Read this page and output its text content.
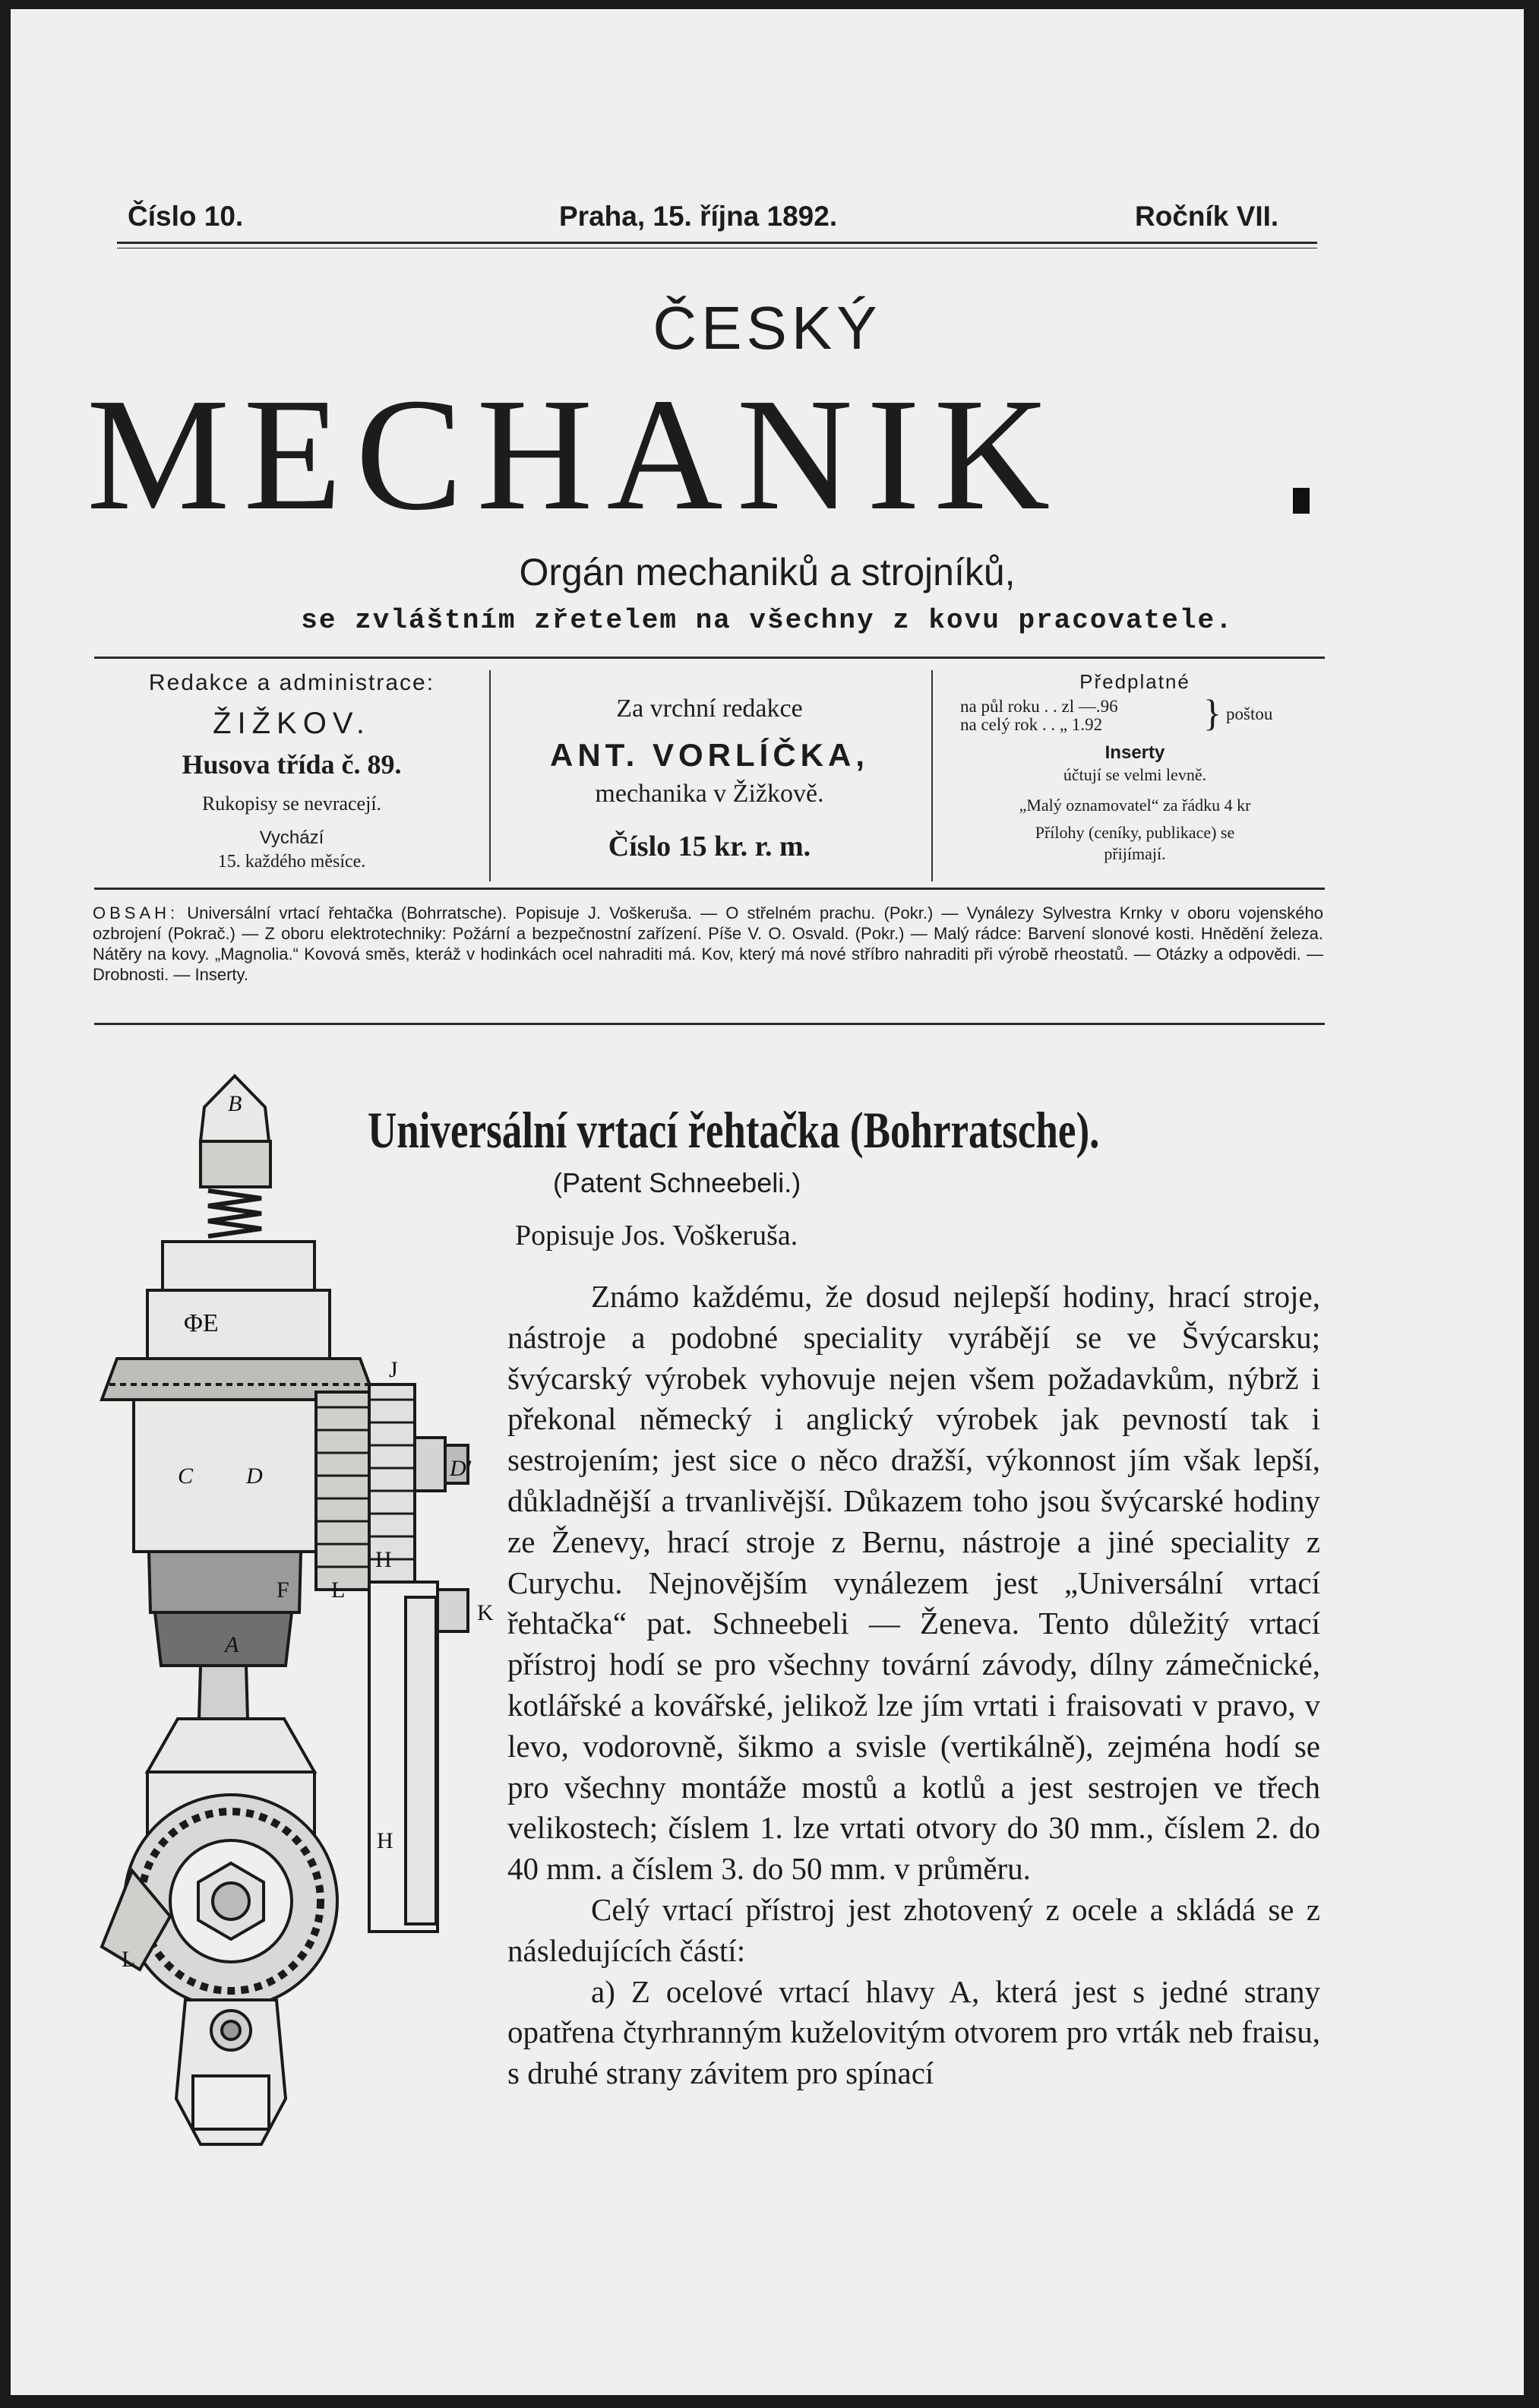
Číslo 10.	Praha, 15. října 1892.	Ročník VII.
ČESKÝ
MECHANIK
Orgán mechaniků a strojníků,
se zvláštním zřetelem na všechny z kovu pracovatele.
Redakce a administrace:
ŽIŽKOV.
Husova třída č. 89.
Rukopisy se nevracejí.
Vychází
15. každého měsíce.
Za vrchní redakce
ANT. VORLÍČKA,
mechanika v Žižkově.
Číslo 15 kr. r. m.
Předplatné
na půl roku . . zl —.96
na celý rok . . „ 1.92	} poštou
Inserty
účtují se velmi levně.
„Malý oznamovatel“ za řádku 4 kr
Přílohy (ceníky, publikace) se
přijímají.
OBSAH: Universální vrtací řehtačka (Bohrratsche). Popisuje J. Voškeruša. — O střelném prachu. (Pokr.) — Vynálezy Sylvestra Krnky v oboru vojenského ozbrojení (Pokrač.) — Z oboru elektrotechniky: Požární a bezpečnostní zařízení. Píše V. O. Osvald. (Pokr.) — Malý rádce: Barvení slonové kosti. Hnědění železa. Nátěry na kovy. „Magnolia.“ Kovová směs, kteráž v hodinkách ocel nahraditi má. Kov, který má nové stříbro nahraditi při výrobě rheostatů. — Otázky a odpovědi. — Drobnosti. — Inserty.
B
ΦE
J
C D	D'
F L
H
H
A
K
L
Universální vrtací řehtačka (Bohrratsche).
(Patent Schneebeli.)
Popisuje Jos. Voškeruša.

Známo každému, že dosud nejlepší hodiny, hrací stroje, nástroje a podobné speciality vyrábějí se ve Švýcarsku; švýcarský výrobek vyhovuje nejen všem požadavkům, nýbrž i překonal německý i anglický výrobek jak pevností tak i sestrojením; jest sice o něco dražší, výkonnost jím však lepší, důkladnější a trvanlivější. Důkazem toho jsou švýcarské hodiny ze Ženevy, hrací stroje z Bernu, nástroje a jiné speciality z Curychu. Nejnovějším vynálezem jest „Universální vrtací řehtačka“ pat. Schneebeli — Ženeva. Tento důležitý vrtací přístroj hodí se pro všechny tovární závody, dílny zámečnické, kotlářské a kovářské, jelikož lze jím vrtati i fraisovati v pravo, v levo, vodorovně, šikmo a svisle (vertikálně), zejména hodí se pro všechny montáže mostů a kotlů a jest sestrojen ve třech velikostech; číslem 1. lze vrtati otvory do 30 mm., číslem 2. do 40 mm. a číslem 3. do 50 mm. v průměru.

Celý vrtací přístroj jest zhotovený z ocele a skládá se z následujících částí:

a) Z ocelové vrtací hlavy A, která jest s jedné strany opatřena čtyrhranným kuželovitým otvorem pro vrták neb fraisu, s druhé strany závitem pro spínací
